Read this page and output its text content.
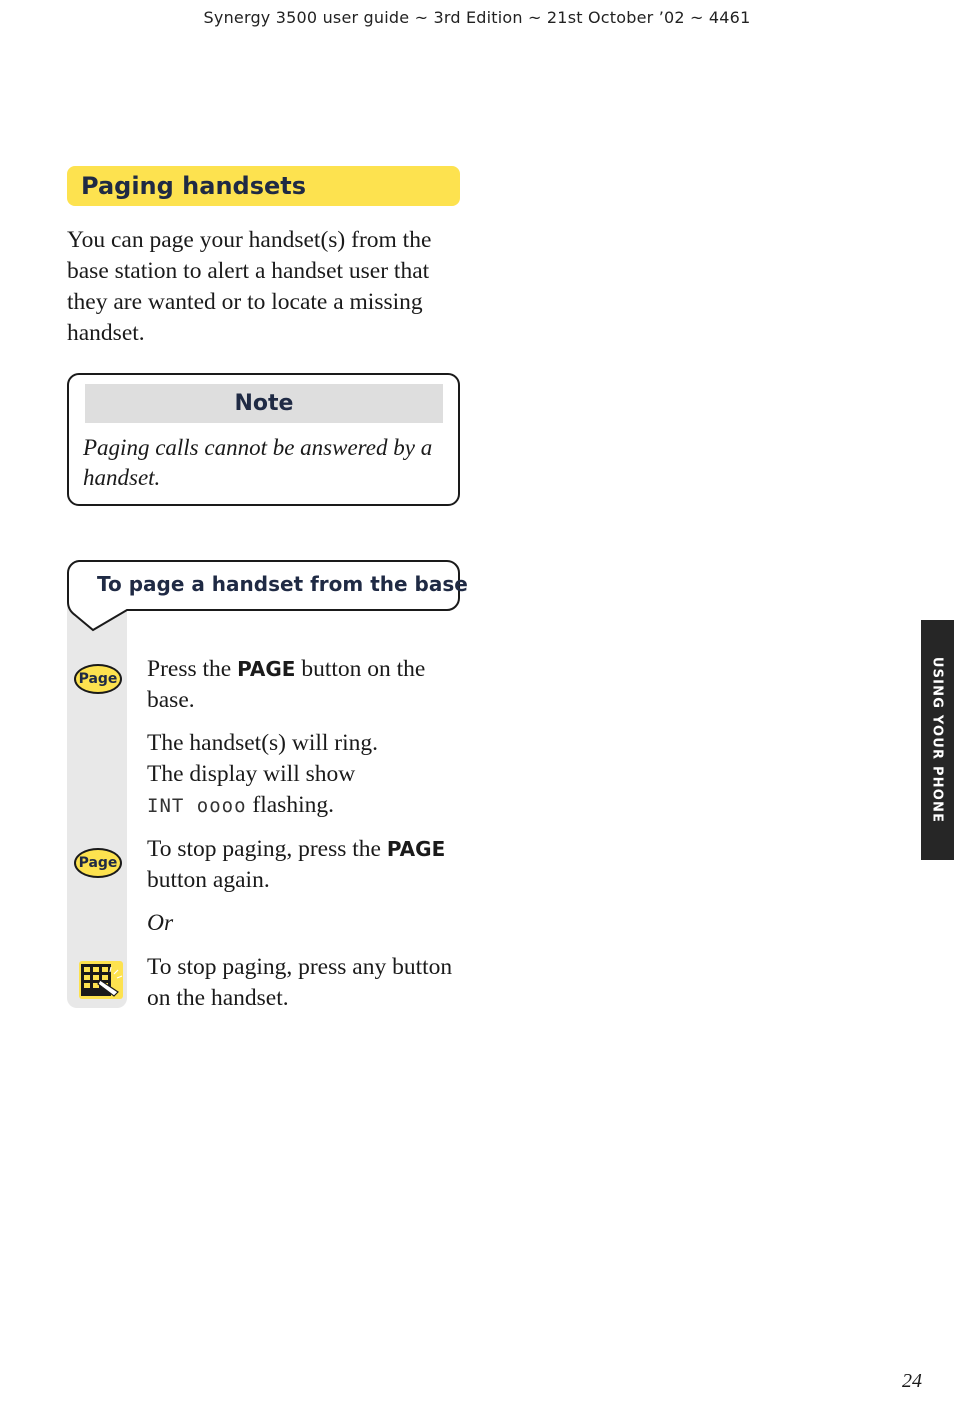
Synergy 3500 user guide ~ 3rd Edition ~ 21st October ’02 ~ 4461
Paging handsets

You can page your handset(s) from the base station to alert a handset user that they are wanted or to locate a missing handset.

Note

Paging calls cannot be answered by a handset.

To page a handset from the base
Page
Page

Press the PAGE button on the base.

The handset(s) will ring.
The display will show
INT oooo flashing.

To stop paging, press the PAGE button again.

Or

To stop paging, press any button on the handset.

USING YOUR PHONE
24
